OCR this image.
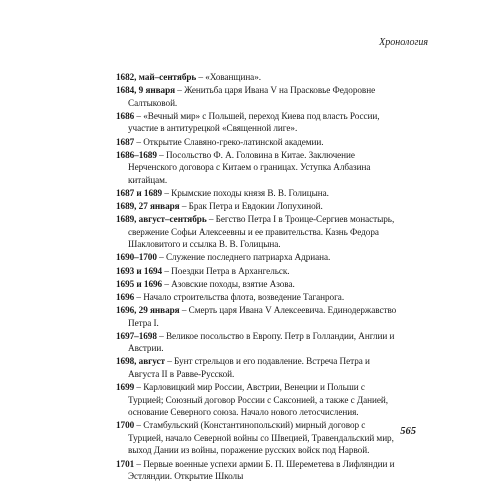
Хронология
1682, май–сентябрь – «Хованщина».
1684, 9 января – Женитьба царя Ивана V на Прасковье Федоровне Салтыковой.
1686 – «Вечный мир» с Польшей, переход Киева под власть России, участие в антитурецкой «Священной лиге».
1687 – Открытие Славяно-греко-латинской академии.
1686–1689 – Посольство Ф. А. Головина в Китае. Заключение Нерченского договора с Китаем о границах. Уступка Албазина китайцам.
1687 и 1689 – Крымские походы князя В. В. Голицына.
1689, 27 января – Брак Петра и Евдокии Лопухиной.
1689, август–сентябрь – Бегство Петра I в Троице-Сергиев монастырь, свержение Софьи Алексеевны и ее правительства. Казнь Федора Шакловитого и ссылка В. В. Голицына.
1690–1700 – Служение последнего патриарха Адриана.
1693 и 1694 – Поездки Петра в Архангельск.
1695 и 1696 – Азовские походы, взятие Азова.
1696 – Начало строительства флота, возведение Таганрога.
1696, 29 января – Смерть царя Ивана V Алексеевича. Единодержавство Петра I.
1697–1698 – Великое посольство в Европу. Петр в Голландии, Англии и Австрии.
1698, август – Бунт стрельцов и его подавление. Встреча Петра и Августа II в Раввe-Русской.
1699 – Карловицкий мир России, Австрии, Венеции и Польши с Турцией; Союзный договор России с Саксонией, а также с Данией, основание Северного союза. Начало нового летосчисления.
1700 – Стамбульский (Константинопольский) мирный договор с Турцией, начало Северной войны со Швецией, Травендальский мир, выход Дании из войны, поражение русских войск под Нарвой.
1701 – Первые военные успехи армии Б. П. Шереметева в Лифляндии и Эстляндии. Открытие Школы
565
